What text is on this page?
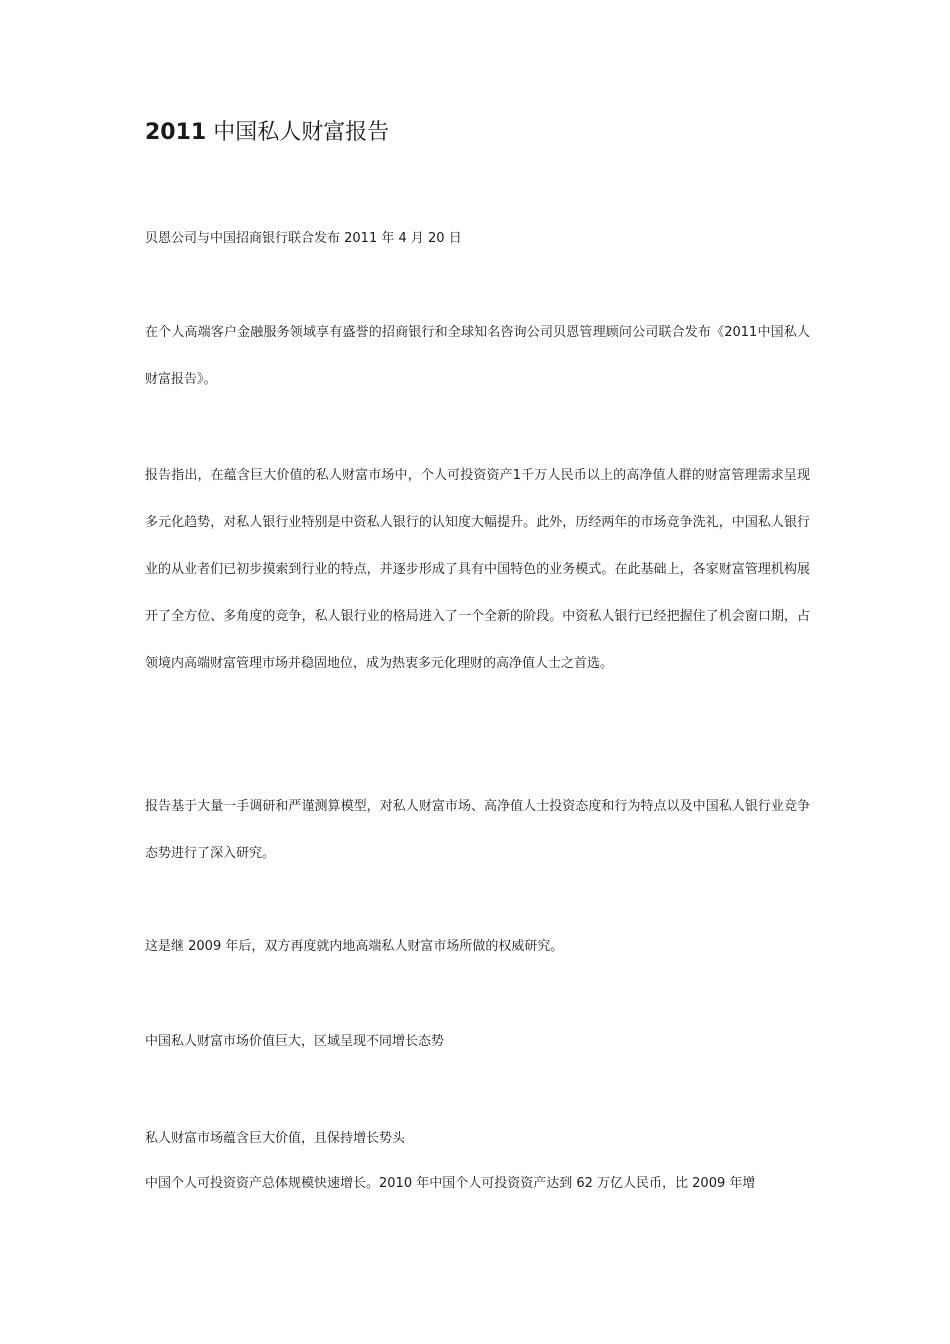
2011 中国私人财富报告

贝恩公司与中国招商银行联合发布 2011 年 4 月 20 日

在个人高端客户金融服务领域享有盛誉的招商银行和全球知名咨询公司贝恩管理顾问公司联合发布《2011中国私人财富报告》。

报告指出，在蕴含巨大价值的私人财富市场中，个人可投资资产1千万人民币以上的高净值人群的财富管理需求呈现多元化趋势，对私人银行业特别是中资私人银行的认知度大幅提升。此外，历经两年的市场竞争洗礼，中国私人银行业的从业者们已初步摸索到行业的特点，并逐步形成了具有中国特色的业务模式。在此基础上，各家财富管理机构展开了全方位、多角度的竞争，私人银行业的格局进入了一个全新的阶段。中资私人银行已经把握住了机会窗口期，占领境内高端财富管理市场并稳固地位，成为热衷多元化理财的高净值人士之首选。

报告基于大量一手调研和严谨测算模型，对私人财富市场、高净值人士投资态度和行为特点以及中国私人银行业竞争态势进行了深入研究。

这是继 2009 年后，双方再度就内地高端私人财富市场所做的权威研究。

中国私人财富市场价值巨大，区域呈现不同增长态势

私人财富市场蕴含巨大价值，且保持增长势头

中国个人可投资资产总体规模快速增长。2010 年中国个人可投资资产达到 62 万亿人民币，比 2009 年增
